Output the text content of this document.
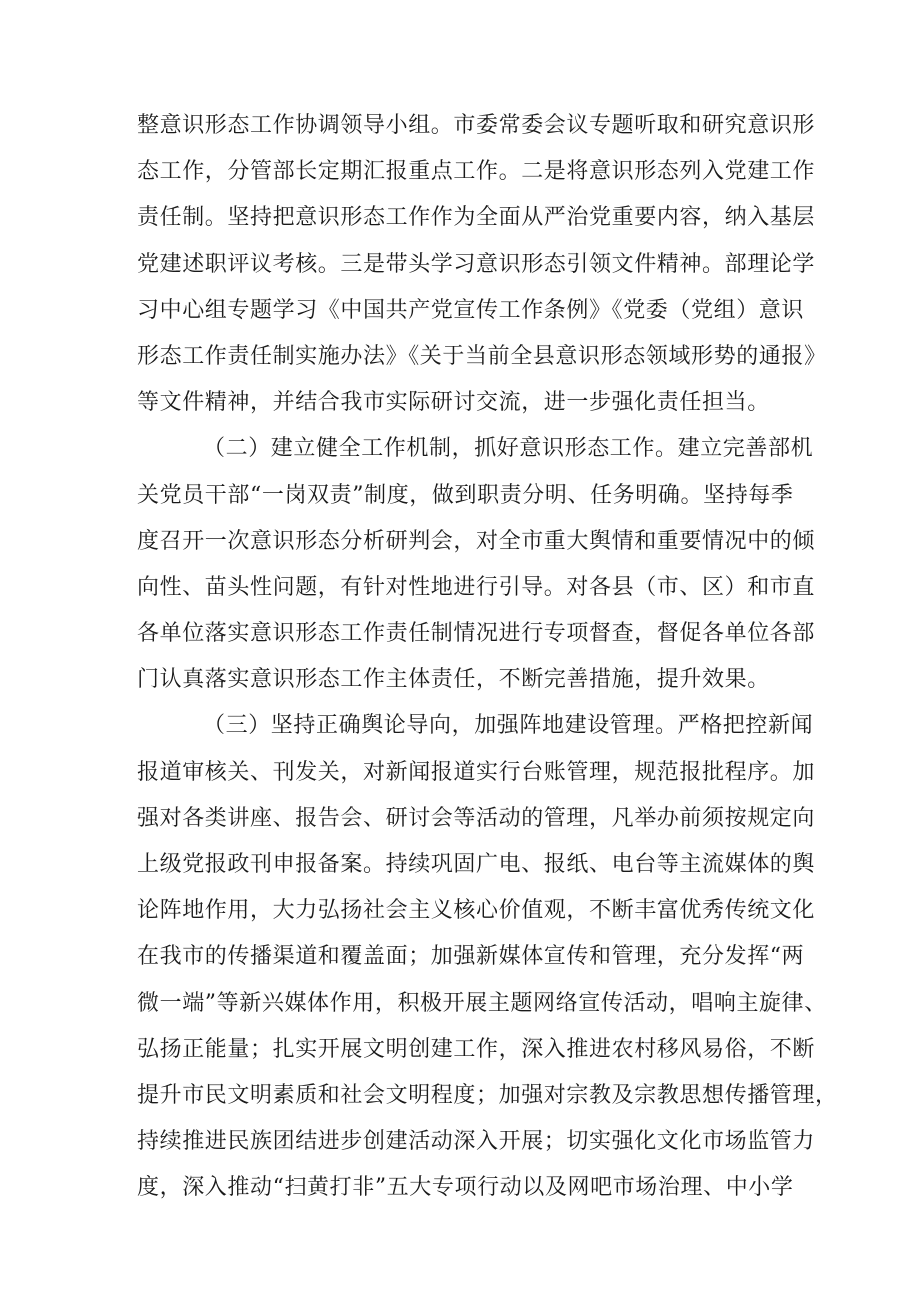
整意识形态工作协调领导小组。市委常委会议专题听取和研究意识形
态工作，分管部长定期汇报重点工作。二是将意识形态列入党建工作
责任制。坚持把意识形态工作作为全面从严治党重要内容，纳入基层
党建述职评议考核。三是带头学习意识形态引领文件精神。部理论学
习中心组专题学习《中国共产党宣传工作条例》《党委（党组）意识
形态工作责任制实施办法》《关于当前全县意识形态领域形势的通报》
等文件精神，并结合我市实际研讨交流，进一步强化责任担当。

（二）建立健全工作机制，抓好意识形态工作。建立完善部机
关党员干部“一岗双责”制度，做到职责分明、任务明确。坚持每季
度召开一次意识形态分析研判会，对全市重大舆情和重要情况中的倾
向性、苗头性问题，有针对性地进行引导。对各县（市、区）和市直
各单位落实意识形态工作责任制情况进行专项督查，督促各单位各部
门认真落实意识形态工作主体责任，不断完善措施，提升效果。

（三）坚持正确舆论导向，加强阵地建设管理。严格把控新闻
报道审核关、刊发关，对新闻报道实行台账管理，规范报批程序。加
强对各类讲座、报告会、研讨会等活动的管理，凡举办前须按规定向
上级党报政刊申报备案。持续巩固广电、报纸、电台等主流媒体的舆
论阵地作用，大力弘扬社会主义核心价值观，不断丰富优秀传统文化
在我市的传播渠道和覆盖面；加强新媒体宣传和管理，充分发挥“两
微一端”等新兴媒体作用，积极开展主题网络宣传活动，唱响主旋律、
弘扬正能量；扎实开展文明创建工作，深入推进农村移风易俗，不断
提升市民文明素质和社会文明程度；加强对宗教及宗教思想传播管理，
持续推进民族团结进步创建活动深入开展；切实强化文化市场监管力
度，深入推动“扫黄打非”五大专项行动以及网吧市场治理、中小学
